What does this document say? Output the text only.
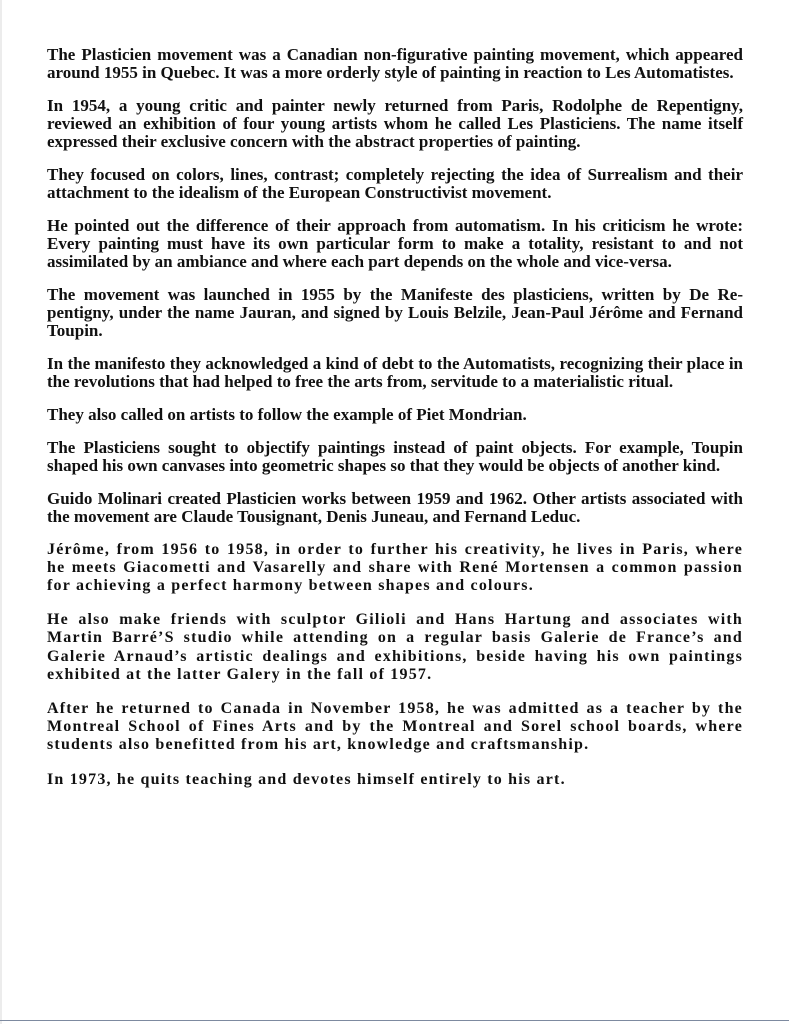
The Plasticien movement was a Canadian non-figurative painting movement, which appeared around 1955 in Quebec. It was a more orderly style of painting in reaction to Les Automatistes.

In 1954, a young critic and painter newly returned from Paris, Rodolphe de Repentigny, reviewed an exhibition of four young artists whom he called Les Plasticiens. The name itself expressed their exclusive concern with the abstract properties of painting.

They focused on colors, lines, contrast; completely rejecting the idea of Surrealism and their attachment to the idealism of the European Constructivist movement.

He pointed out the difference of their approach from automatism. In his criticism he wrote: Every painting must have its own particular form to make a totality, resistant to and not assimilated by an ambiance and where each part depends on the whole and vice-versa.

The movement was launched in 1955 by the Manifeste des plasticiens, written by De Repentigny, under the name Jauran, and signed by Louis Belzile, Jean-Paul Jérôme and Fernand Toupin.

In the manifesto they acknowledged a kind of debt to the Automatists, recognizing their place in the revolutions that had helped to free the arts from, servitude to a materialistic ritual.

They also called on artists to follow the example of Piet Mondrian.

The Plasticiens sought to objectify paintings instead of paint objects. For example, Toupin shaped his own canvases into geometric shapes so that they would be objects of another kind.

Guido Molinari created Plasticien works between 1959 and 1962. Other artists associated with the movement are Claude Tousignant, Denis Juneau, and Fernand Leduc.

Jérôme, from 1956 to 1958, in order to further his creativity, he lives in Paris, where he meets Giacometti and Vasarelly and share with René Mortensen a common passion for achieving a perfect harmony between shapes and colours.

He also make friends with sculptor Gilioli and Hans Hartung and associates with Martin Barré’S studio while attending on a regular basis Galerie de France’s and Galerie Arnaud’s artistic dealings and exhibitions, beside having his own paintings exhibited at the latter Galery in the fall of 1957.

After he returned to Canada in November 1958, he was admitted as a teacher by the Montreal School of Fines Arts and by the Montreal and Sorel school boards, where students also benefitted from his art, knowledge and craftsmanship.

In 1973, he quits teaching and devotes himself entirely to his art.
